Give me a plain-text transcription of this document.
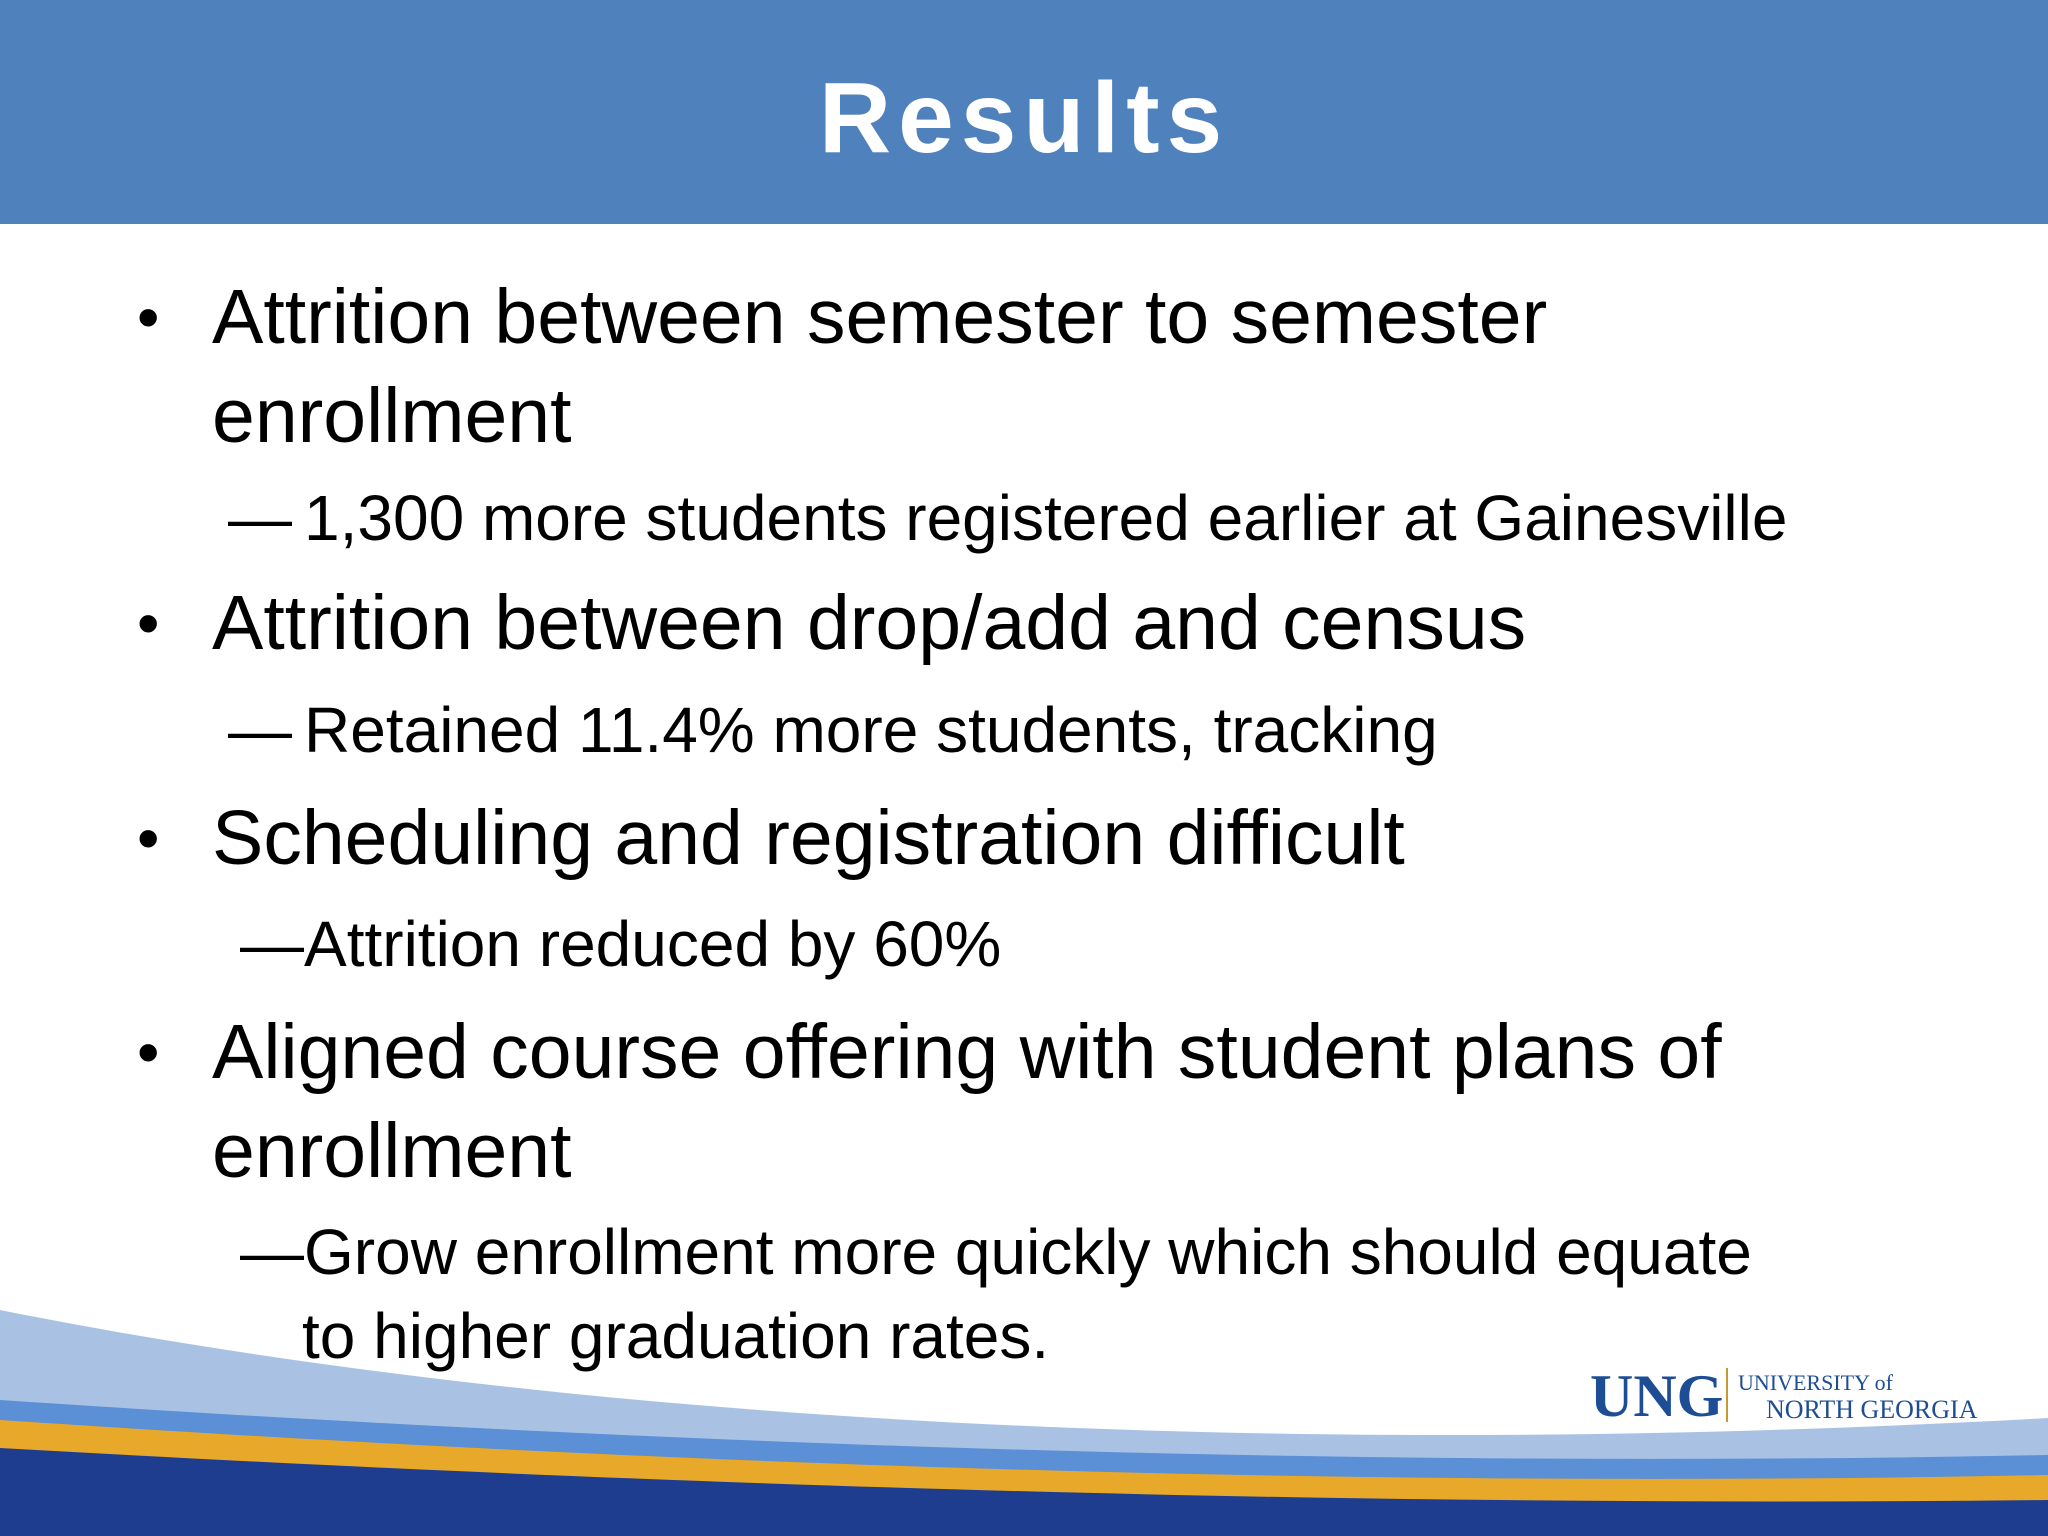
Results
• Attrition between semester to semester
enrollment
— 1,300 more students registered earlier at Gainesville
• Attrition between drop/add and census
— Retained 11.4% more students, tracking
• Scheduling and registration difficult
—Attrition reduced by 60%
• Aligned course offering with student plans of
enrollment
—Grow enrollment more quickly which should equate
to higher graduation rates.
UNG UNIVERSITY of
NORTH GEORGIA
